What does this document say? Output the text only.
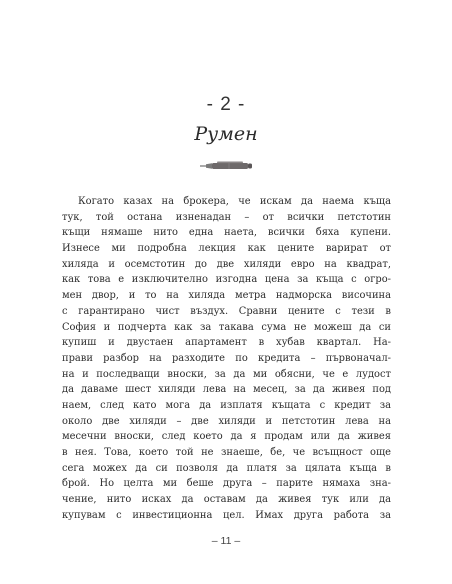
- 2 -
Румен
Когато казах на брокера, че искам да наема къща
тук, той остана изненадан – от всички петстотин
къщи нямаше нито една наета, всички бяха купени.
Изнесе ми подробна лекция как цените варират от
хиляда и осемстотин до две хиляди евро на квадрат,
как това е изключително изгодна цена за къща с огро-
мен двор, и то на хиляда метра надморска височина
с гарантирано чист въздух. Сравни цените с тези в
София и подчерта как за такава сума не можеш да си
купиш и двустаен апартамент в хубав квартал. На-
прави разбор на разходите по кредита – първоначал-
на и последващи вноски, за да ми обясни, че е лудост
да даваме шест хиляди лева на месец, за да живея под
наем, след като мога да изплатя къщата с кредит за
около две хиляди – две хиляди и петстотин лева на
месечни вноски, след което да я продам или да живея
в нея. Това, което той не знаеше, бе, че всъщност още
сега можех да си позволя да платя за цялата къща в
брой. Но целта ми беше друга – парите нямаха зна-
чение, нито исках да оставам да живея тук или да
купувам с инвестиционна цел. Имах друга работа за
– 11 –
